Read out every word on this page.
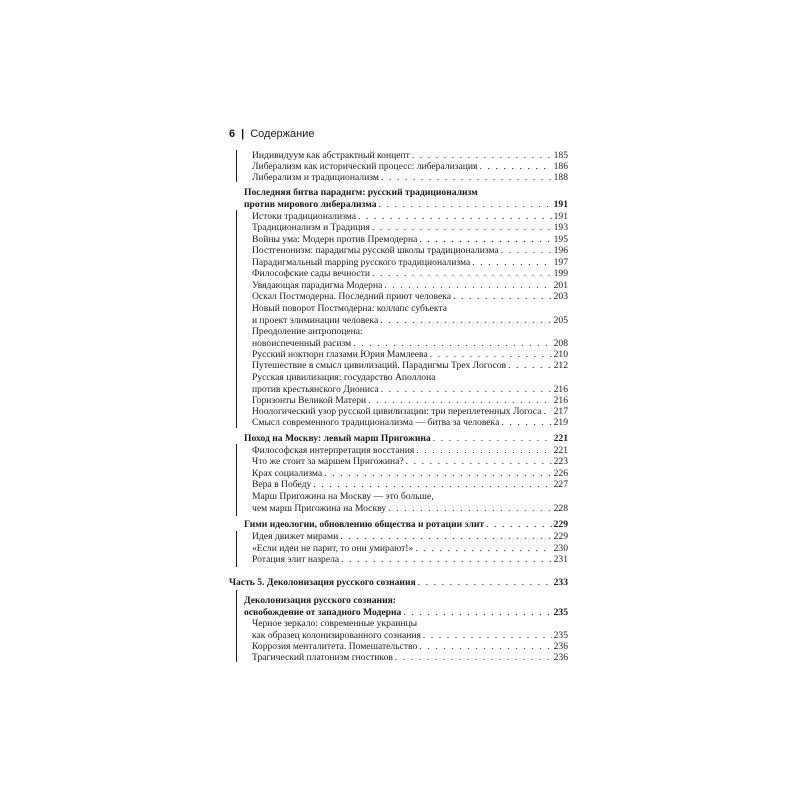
6 | Содержание
Индивидуум как абстрактный концепт . . .	185
Либерализм как исторический процесс: либерализация . . .	186
Либерализм и традиционализм . . .	188
Последняя битва парадигм: русский традиционализм
против мирового либерализма . . .	191
Истоки традиционализма . . .	191
Традиционализм и Традиция . . .	193
Войны ума: Модерн против Премодерна . . .	195
Постгенонизм: парадигмы русской школы традиционализма . . .	196
Парадигмальный mapping русского традиционализма . . .	197
Философские сады вечности . . .	199
Увядающая парадигма Модерна . . .	201
Оскал Постмодерна. Последний приют человека . . .	203
Новый поворот Постмодерна: коллапс субъекта
и проект элиминации человека . . .	205
Преодоление антропоцена:
новоиспеченный расизм . . .	208
Русский ноктюрн глазами Юрия Мамлеева . . .	210
Путешествие в смысл цивилизаций. Парадигмы Трех Логосов . . .	212
Русская цивилизация: государство Аполлона
против крестьянского Диониса . . .	216
Горизонты Великой Матери . . .	216
Ноологический узор русской цивилизации: три переплетенных Логоса . . . 217
Смысл современного традиционализма — битва за человека . . .	219
Поход на Москву: левый марш Пригожина . . .	221
Философская интерпретация восстания . . .	221
Что же стоит за маршем Пригожина? . . .	223
Крах социализма . . .	226
Вера в Победу . . .	227
Марш Пригожина на Москву — это больше,
чем марш Пригожина на Москву . . .	228
Гимн идеологии, обновлению общества и ротации элит . . .	229
Идея движет мирами . . .	229
«Если идеи не парит, то они умирают!» . . .	230
Ротация элит назрела . . .	231
Часть 5. Деколонизация русского сознания . . .	233
Деколонизация русского сознания:
освобождение от западного Модерна . . .	235
Черное зеркало: современные украинцы
как образец колонизированного сознания . . .	235
Коррозия менталитета. Помешательство . . .	236
Трагический платонизм гностиков . . .	236
